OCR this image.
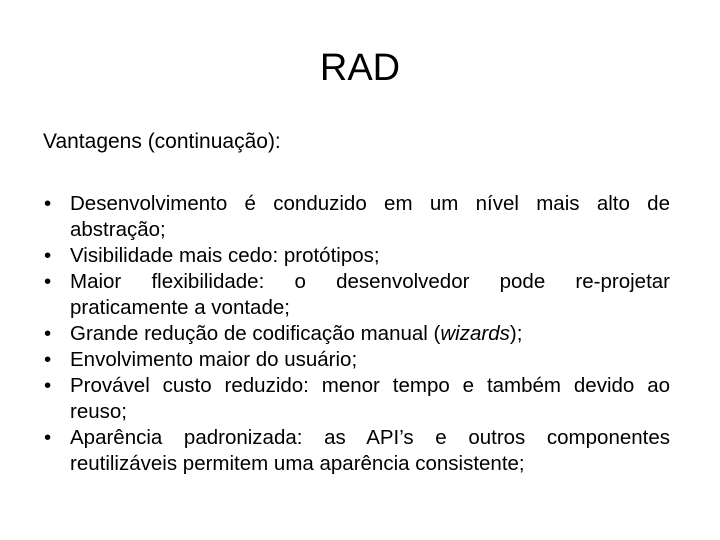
RAD
Vantagens (continuação):
• Desenvolvimento é conduzido em um nível mais alto de abstração;
• Visibilidade mais cedo: protótipos;
• Maior flexibilidade: o desenvolvedor pode re-projetar praticamente a vontade;
• Grande redução de codificação manual (wizards);
• Envolvimento maior do usuário;
• Provável custo reduzido: menor tempo e também devido ao reuso;
• Aparência padronizada: as API’s e outros componentes reutilizáveis permitem uma aparência consistente;
